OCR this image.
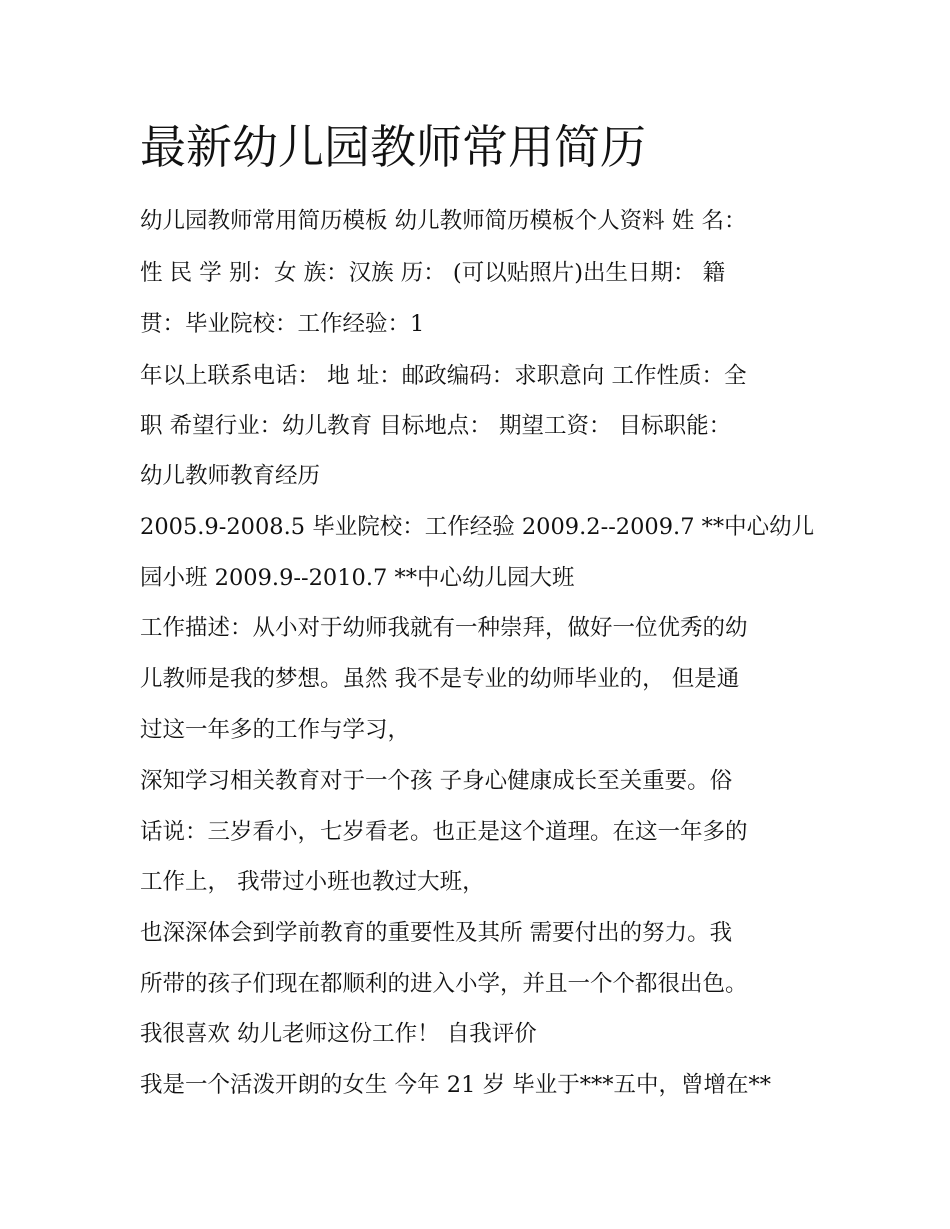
最新幼儿园教师常用简历

幼儿园教师常用简历模板 幼儿教师简历模板个人资料 姓 名：

性 民 学 别：女 族：汉族 历： (可以贴照片)出生日期： 籍

贯：毕业院校：工作经验：1

年以上联系电话： 地 址：邮政编码：求职意向 工作性质：全

职 希望行业：幼儿教育 目标地点： 期望工资： 目标职能：

幼儿教师教育经历

2005.9-2008.5 毕业院校：工作经验 2009.2--2009.7 **中心幼儿

园小班 2009.9--2010.7 **中心幼儿园大班

工作描述：从小对于幼师我就有一种崇拜，做好一位优秀的幼

儿教师是我的梦想。虽然 我不是专业的幼师毕业的， 但是通

过这一年多的工作与学习，

深知学习相关教育对于一个孩 子身心健康成长至关重要。俗

话说：三岁看小，七岁看老。也正是这个道理。在这一年多的

工作上， 我带过小班也教过大班，

也深深体会到学前教育的重要性及其所 需要付出的努力。我

所带的孩子们现在都顺利的进入小学，并且一个个都很出色。

我很喜欢 幼儿老师这份工作！ 自我评价

我是一个活泼开朗的女生 今年 21 岁 毕业于***五中，曾增在**
